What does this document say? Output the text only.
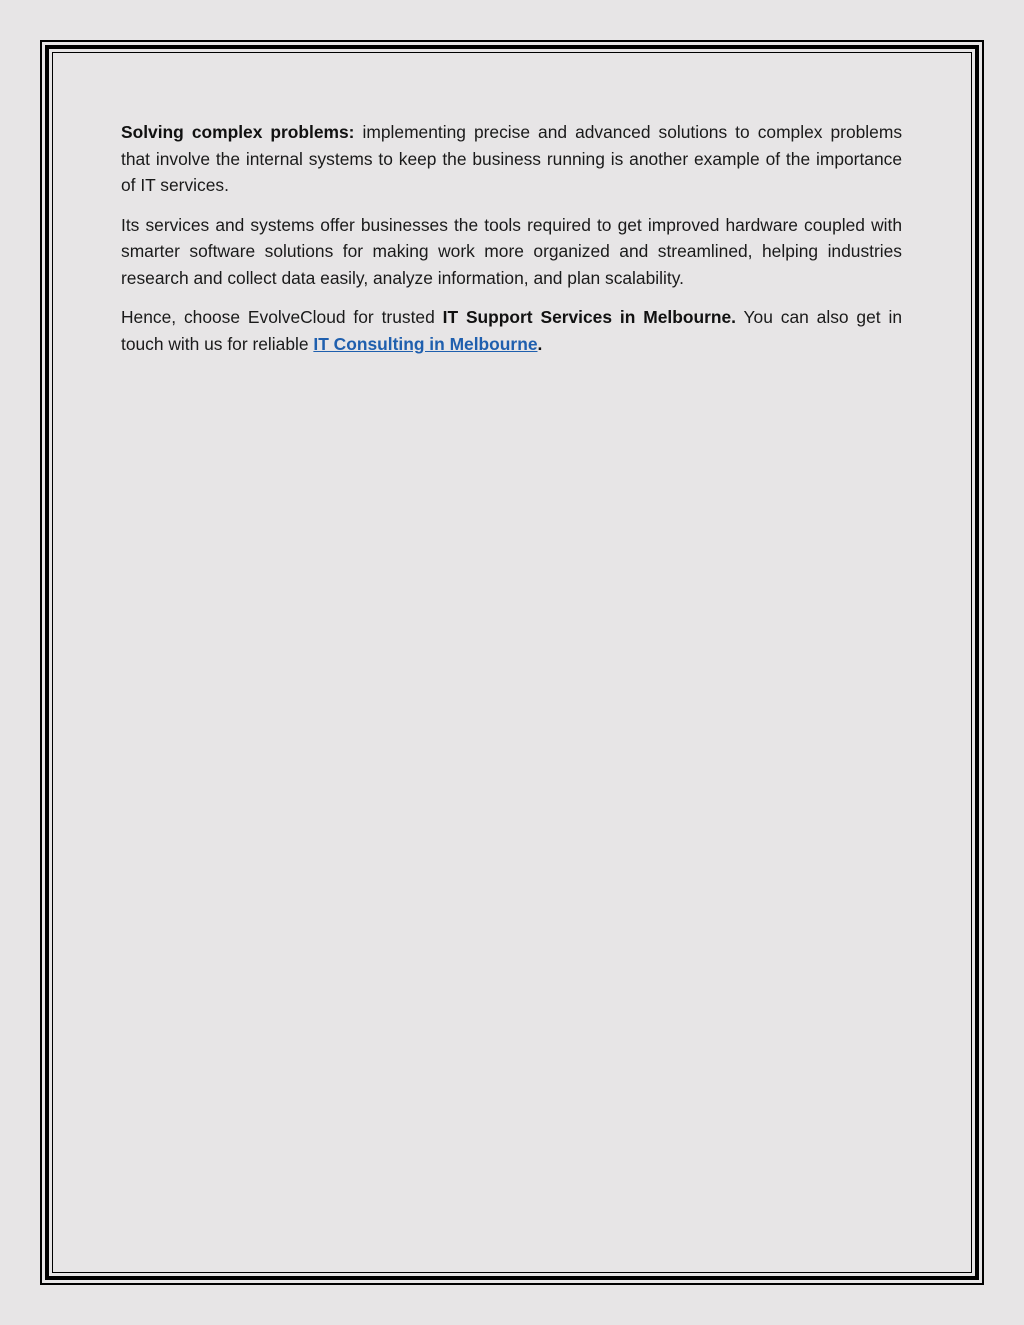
Solving complex problems: implementing precise and advanced solutions to complex problems that involve the internal systems to keep the business running is another example of the importance of IT services.

Its services and systems offer businesses the tools required to get improved hardware coupled with smarter software solutions for making work more organized and streamlined, helping industries research and collect data easily, analyze information, and plan scalability.

Hence, choose EvolveCloud for trusted IT Support Services in Melbourne. You can also get in touch with us for reliable IT Consulting in Melbourne.
